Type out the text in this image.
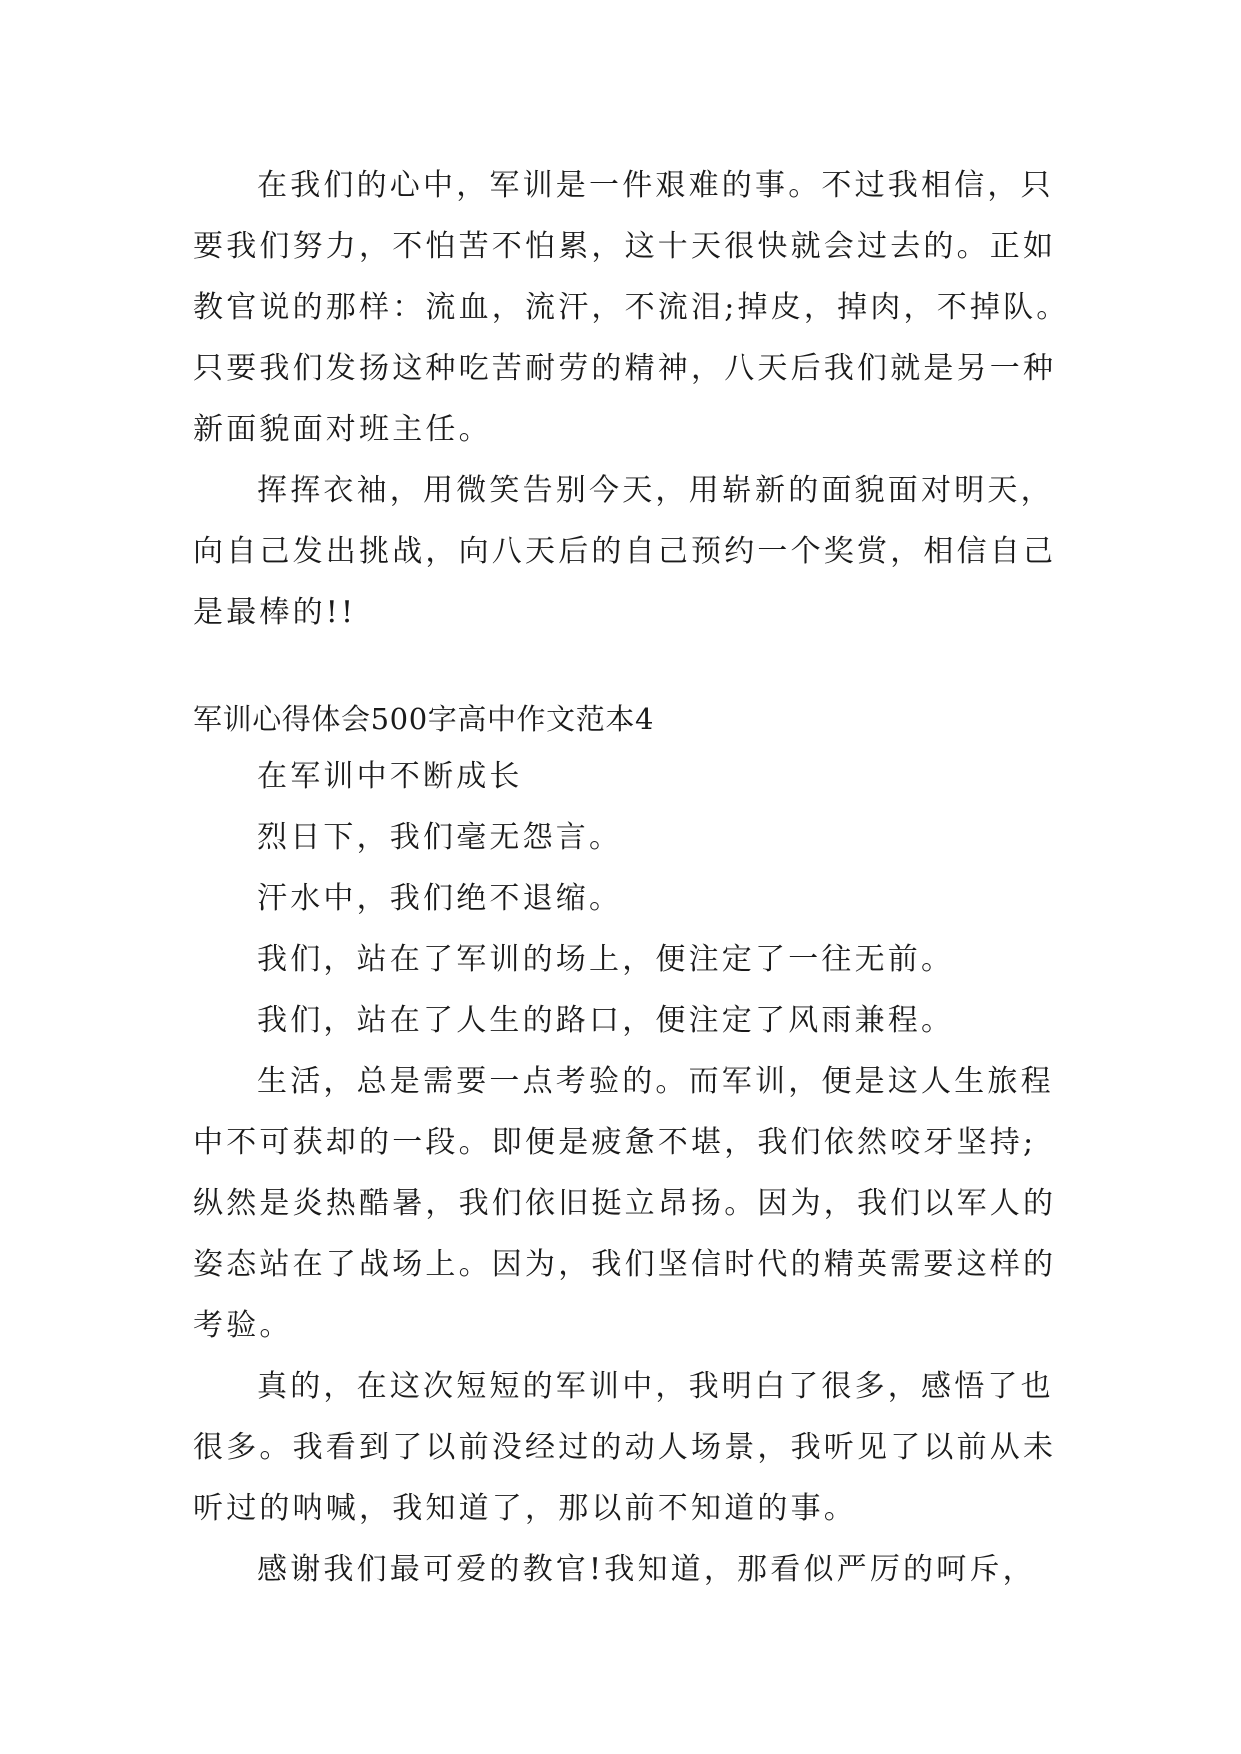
在我们的心中，军训是一件艰难的事。不过我相信，只

要我们努力，不怕苦不怕累，这十天很快就会过去的。正如

教官说的那样：流血，流汗，不流泪;掉皮，掉肉，不掉队。

只要我们发扬这种吃苦耐劳的精神，八天后我们就是另一种

新面貌面对班主任。

挥挥衣袖，用微笑告别今天，用崭新的面貌面对明天，

向自己发出挑战，向八天后的自己预约一个奖赏，相信自己

是最棒的!!

军训心得体会500字高中作文范本4

在军训中不断成长

烈日下，我们毫无怨言。

汗水中，我们绝不退缩。

我们，站在了军训的场上，便注定了一往无前。

我们，站在了人生的路口，便注定了风雨兼程。

生活，总是需要一点考验的。而军训，便是这人生旅程

中不可获却的一段。即便是疲惫不堪，我们依然咬牙坚持;

纵然是炎热酷暑，我们依旧挺立昂扬。因为，我们以军人的

姿态站在了战场上。因为，我们坚信时代的精英需要这样的

考验。

真的，在这次短短的军训中，我明白了很多，感悟了也

很多。我看到了以前没经过的动人场景，我听见了以前从未

听过的呐喊，我知道了，那以前不知道的事。

感谢我们最可爱的教官!我知道，那看似严厉的呵斥，
